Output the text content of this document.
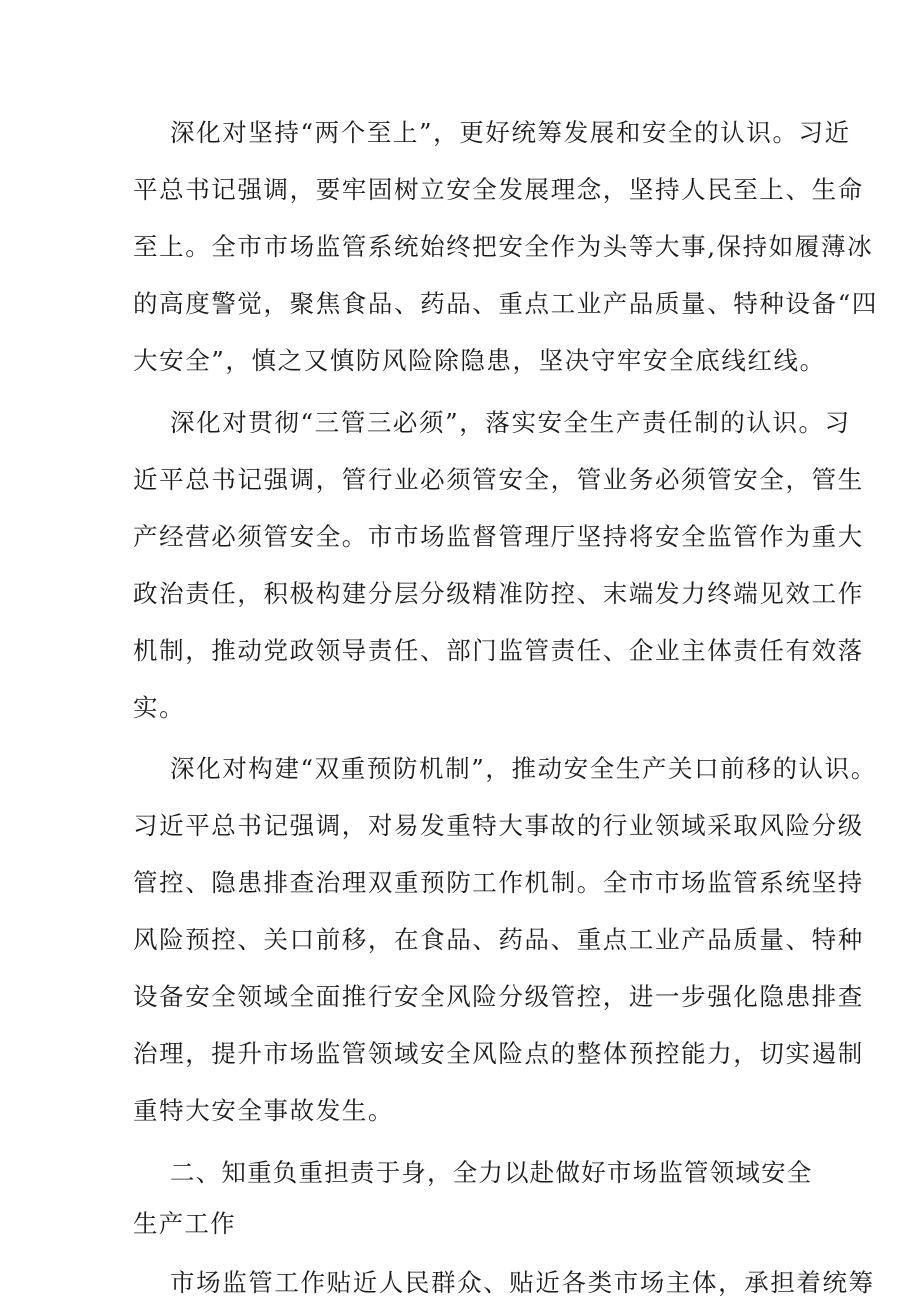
深化对坚持“两个至上”，更好统筹发展和安全的认识。习近

平总书记强调，要牢固树立安全发展理念，坚持人民至上、生命

至上。全市市场监管系统始终把安全作为头等大事,保持如履薄冰

的高度警觉，聚焦食品、药品、重点工业产品质量、特种设备“四

大安全”，慎之又慎防风险除隐患，坚决守牢安全底线红线。

深化对贯彻“三管三必须”，落实安全生产责任制的认识。习

近平总书记强调，管行业必须管安全，管业务必须管安全，管生

产经营必须管安全。市市场监督管理厅坚持将安全监管作为重大

政治责任，积极构建分层分级精准防控、末端发力终端见效工作

机制，推动党政领导责任、部门监管责任、企业主体责任有效落

实。

深化对构建“双重预防机制”，推动安全生产关口前移的认识。

习近平总书记强调，对易发重特大事故的行业领域采取风险分级

管控、隐患排查治理双重预防工作机制。全市市场监管系统坚持

风险预控、关口前移，在食品、药品、重点工业产品质量、特种

设备安全领域全面推行安全风险分级管控，进一步强化隐患排查

治理，提升市场监管领域安全风险点的整体预控能力，切实遏制

重特大安全事故发生。

二、知重负重担责于身，全力以赴做好市场监管领域安全

生产工作

市场监管工作贴近人民群众、贴近各类市场主体，承担着统筹
